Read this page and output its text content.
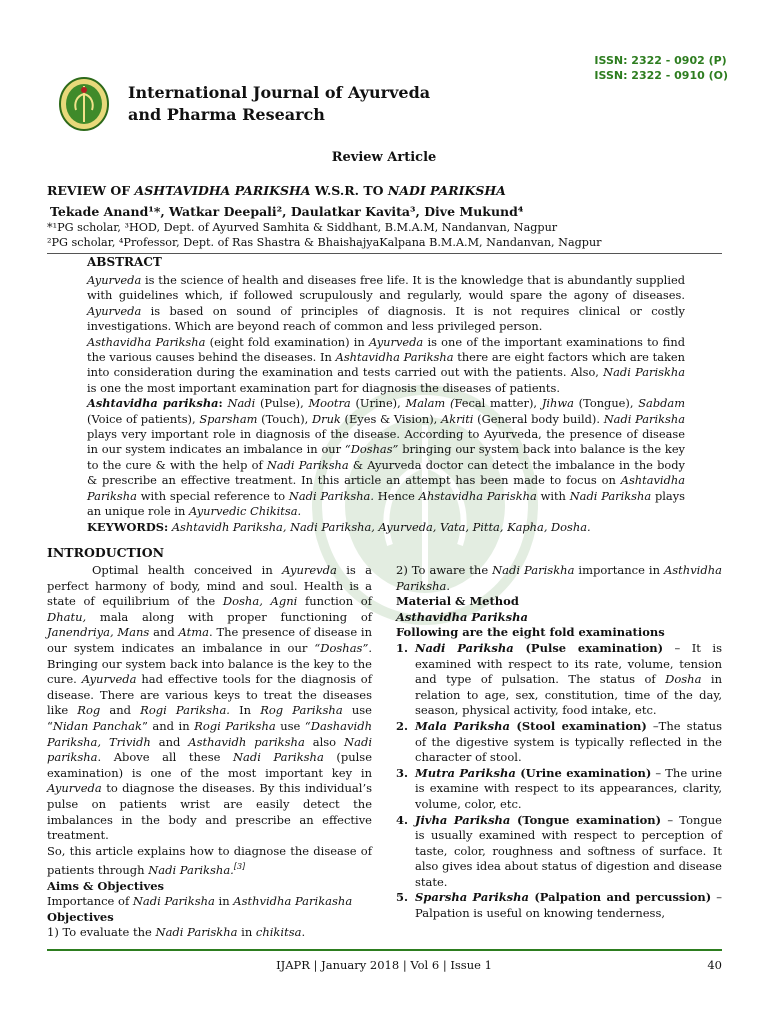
ISSN: 2322 - 0902 (P)
ISSN: 2322 - 0910 (O)
International Journal of Ayurveda
and Pharma Research
Review Article
REVIEW OF ASHTAVIDHA PARIKSHA W.S.R. TO NADI PARIKSHA
Tekade Anand¹*, Watkar Deepali², Daulatkar Kavita³, Dive Mukund⁴
*¹PG scholar, ³HOD, Dept. of Ayurved Samhita & Siddhant, B.M.A.M, Nandanvan, Nagpur
²PG scholar, ⁴Professor, Dept. of Ras Shastra & BhaishajyaKalpana B.M.A.M, Nandanvan, Nagpur
ABSTRACT

Ayurveda is the science of health and diseases free life. It is the knowledge that is abundantly supplied with guidelines which, if followed scrupulously and regularly, would spare the agony of diseases. Ayurveda is based on sound of principles of diagnosis. It is not requires clinical or costly investigations. Which are beyond reach of common and less privileged person.

Asthavidha Pariksha (eight fold examination) in Ayurveda is one of the important examinations to find the various causes behind the diseases. In Ashtavidha Pariksha there are eight factors which are taken into consideration during the examination and tests carried out with the patients. Also, Nadi Pariskha is one the most important examination part for diagnosis the diseases of patients.

Ashtavidha pariksha: Nadi (Pulse), Mootra (Urine), Malam (Fecal matter), Jihwa (Tongue), Sabdam (Voice of patients), Sparsham (Touch), Druk (Eyes & Vision), Akriti (General body build). Nadi Pariksha plays very important role in diagnosis of the disease. According to Ayurveda, the presence of disease in our system indicates an imbalance in our “Doshas” bringing our system back into balance is the key to the cure & with the help of Nadi Pariksha & Ayurveda doctor can detect the imbalance in the body & prescribe an effective treatment. In this article an attempt has been made to focus on Ashtavidha Pariksha with special reference to Nadi Pariksha. Hence Ahstavidha Pariskha with Nadi Pariksha plays an unique role in Ayurvedic Chikitsa.

KEYWORDS: Ashtavidh Pariksha, Nadi Pariksha, Ayurveda, Vata, Pitta, Kapha, Dosha.

INTRODUCTION

Optimal health conceived in Ayurevda is a perfect harmony of body, mind and soul. Health is a state of equilibrium of the Dosha, Agni function of Dhatu, mala along with proper functioning of Janendriya, Mans and Atma. The presence of disease in our system indicates an imbalance in our “Doshas”. Bringing our system back into balance is the key to the cure. Ayurveda had effective tools for the diagnosis of disease. There are various keys to treat the diseases like Rog and Rogi Pariksha. In Rog Pariksha use “Nidan Panchak” and in Rogi Pariksha use “Dashavidh Pariksha, Trividh and Asthavidh pariksha also Nadi pariksha. Above all these Nadi Pariksha (pulse examination) is one of the most important key in Ayurveda to diagnose the diseases. By this individual’s pulse on patients wrist are easily detect the imbalances in the body and prescribe an effective treatment.

So, this article explains how to diagnose the disease of patients through Nadi Pariksha.[3]

Aims & Objectives

Importance of Nadi Pariksha in Asthvidha Parikasha

Objectives

1) To evaluate the Nadi Pariskha in chikitsa.

2) To aware the Nadi Pariskha importance in Asthvidha Pariksha.

Material & Method

Asthavidha Pariksha

Following are the eight fold examinations

1. Nadi Pariksha (Pulse examination) – It is examined with respect to its rate, volume, tension and type of pulsation. The status of Dosha in relation to age, sex, constitution, time of the day, season, physical activity, food intake, etc.
2. Mala Pariksha (Stool examination) –The status of the digestive system is typically reflected in the character of stool.
3. Mutra Pariksha (Urine examination) – The urine is examine with respect to its appearances, clarity, volume, color, etc.
4. Jivha Pariksha (Tongue examination) – Tongue is usually examined with respect to perception of taste, color, roughness and softness of surface. It also gives idea about status of digestion and disease state.
5. Sparsha Pariksha (Palpation and percussion) – Palpation is useful on knowing tenderness,
IJAPR | January 2018 | Vol 6 | Issue 1	40
